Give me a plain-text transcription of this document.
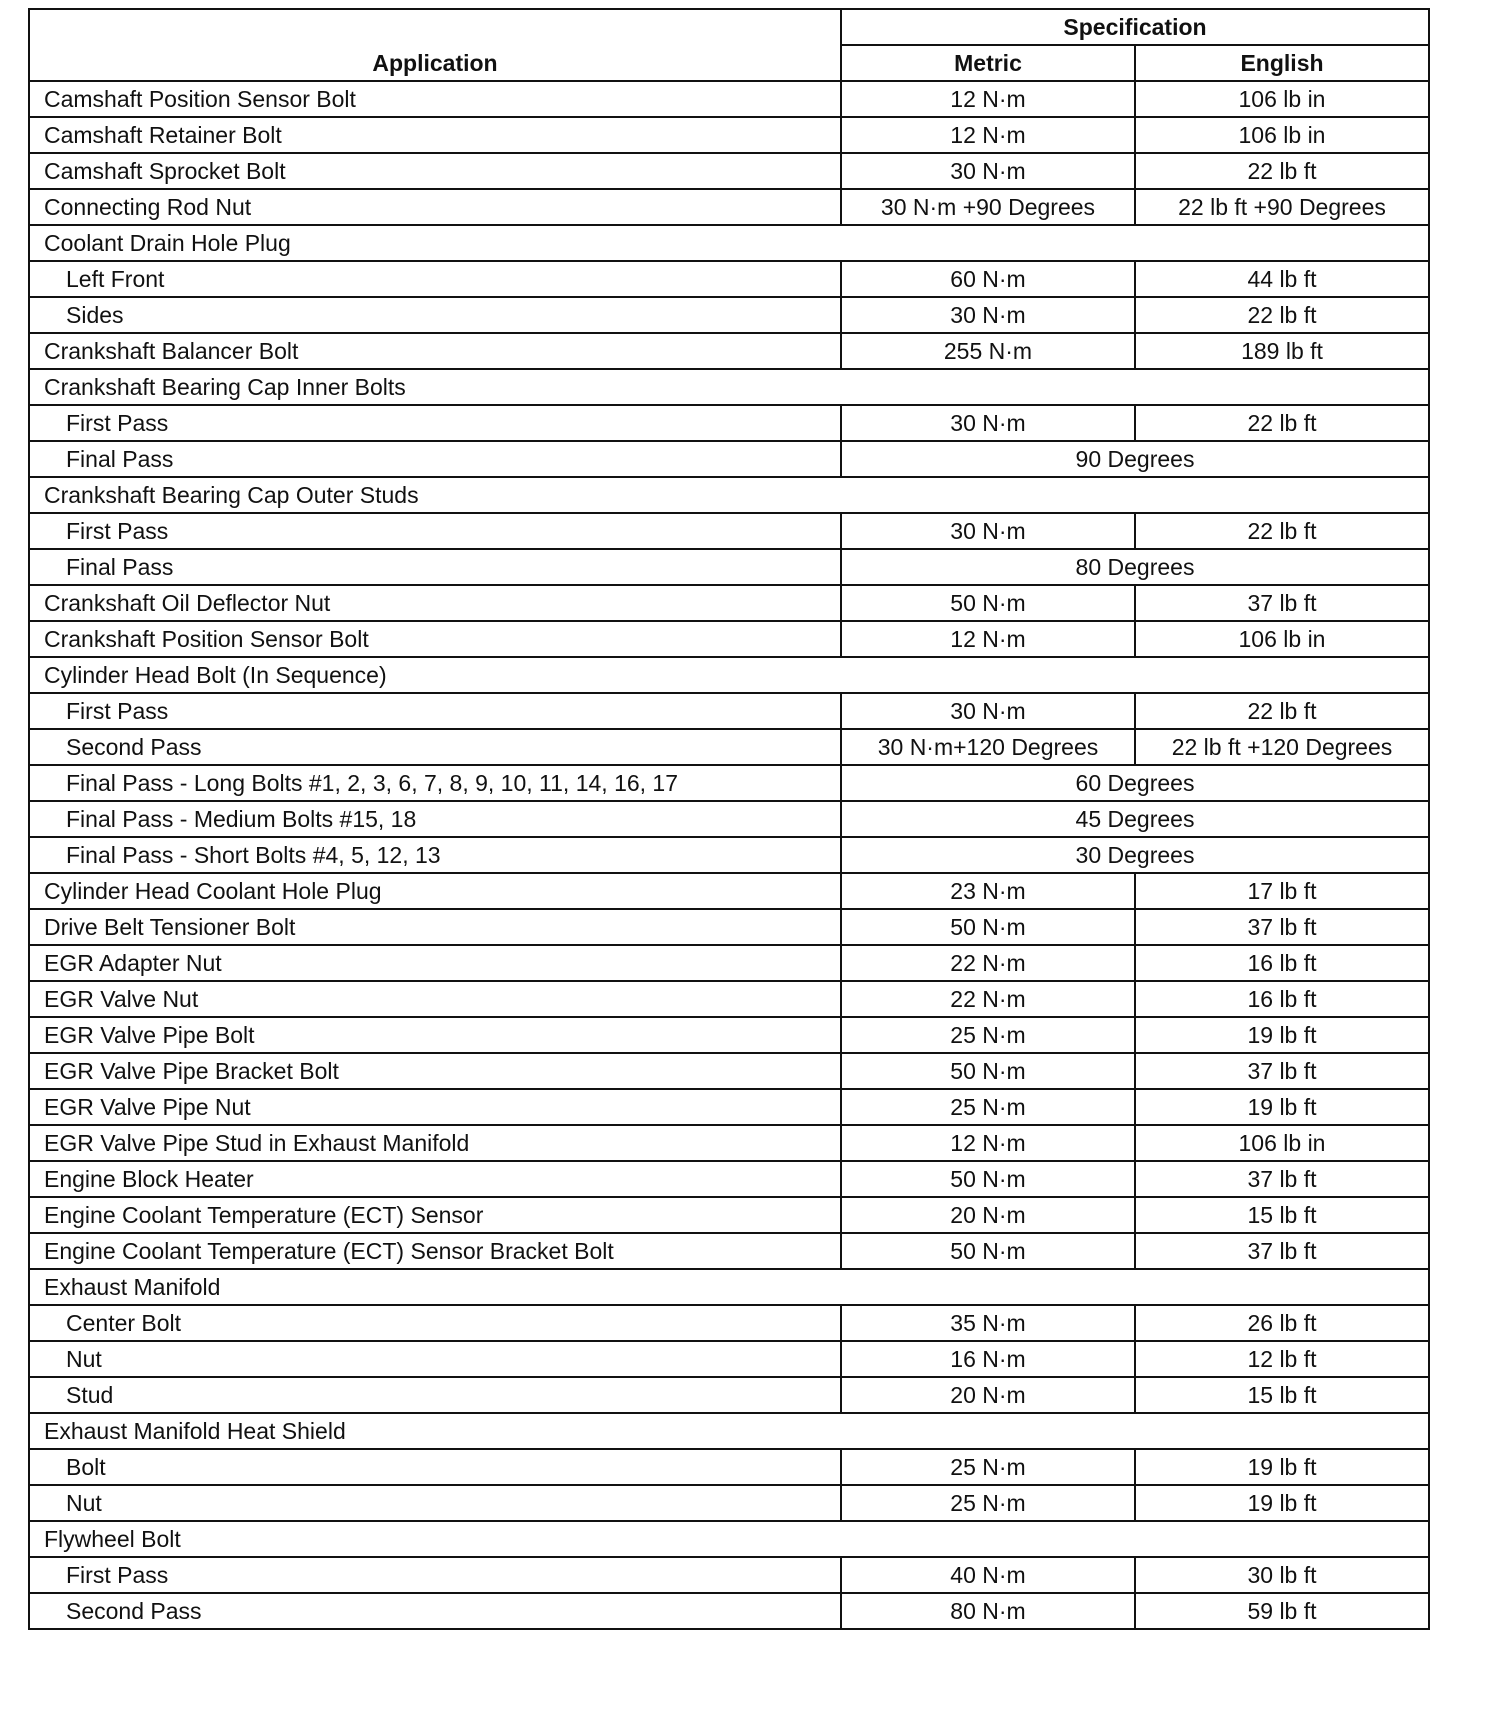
Application	Specification	
	Metric	English
Camshaft Position Sensor Bolt	12 N·m	106 lb in
Camshaft Retainer Bolt	12 N·m	106 lb in
Camshaft Sprocket Bolt	30 N·m	22 lb ft
Connecting Rod Nut	30 N·m +90 Degrees	22 lb ft +90 Degrees
Coolant Drain Hole Plug		
Left Front	60 N·m	44 lb ft
Sides	30 N·m	22 lb ft
Crankshaft Balancer Bolt	255 N·m	189 lb ft
Crankshaft Bearing Cap Inner Bolts		
First Pass	30 N·m	22 lb ft
Final Pass	90 Degrees	
Crankshaft Bearing Cap Outer Studs		
First Pass	30 N·m	22 lb ft
Final Pass	80 Degrees	
Crankshaft Oil Deflector Nut	50 N·m	37 lb ft
Crankshaft Position Sensor Bolt	12 N·m	106 lb in
Cylinder Head Bolt (In Sequence)		
First Pass	30 N·m	22 lb ft
Second Pass	30 N·m+120 Degrees	22 lb ft +120 Degrees
Final Pass - Long Bolts #1, 2, 3, 6, 7, 8, 9, 10, 11, 14, 16, 17	60 Degrees	
Final Pass - Medium Bolts #15, 18	45 Degrees	
Final Pass - Short Bolts #4, 5, 12, 13	30 Degrees	
Cylinder Head Coolant Hole Plug	23 N·m	17 lb ft
Drive Belt Tensioner Bolt	50 N·m	37 lb ft
EGR Adapter Nut	22 N·m	16 lb ft
EGR Valve Nut	22 N·m	16 lb ft
EGR Valve Pipe Bolt	25 N·m	19 lb ft
EGR Valve Pipe Bracket Bolt	50 N·m	37 lb ft
EGR Valve Pipe Nut	25 N·m	19 lb ft
EGR Valve Pipe Stud in Exhaust Manifold	12 N·m	106 lb in
Engine Block Heater	50 N·m	37 lb ft
Engine Coolant Temperature (ECT) Sensor	20 N·m	15 lb ft
Engine Coolant Temperature (ECT) Sensor Bracket Bolt	50 N·m	37 lb ft
Exhaust Manifold		
Center Bolt	35 N·m	26 lb ft
Nut	16 N·m	12 lb ft
Stud	20 N·m	15 lb ft
Exhaust Manifold Heat Shield		
Bolt	25 N·m	19 lb ft
Nut	25 N·m	19 lb ft
Flywheel Bolt		
First Pass	40 N·m	30 lb ft
Second Pass	80 N·m	59 lb ft
